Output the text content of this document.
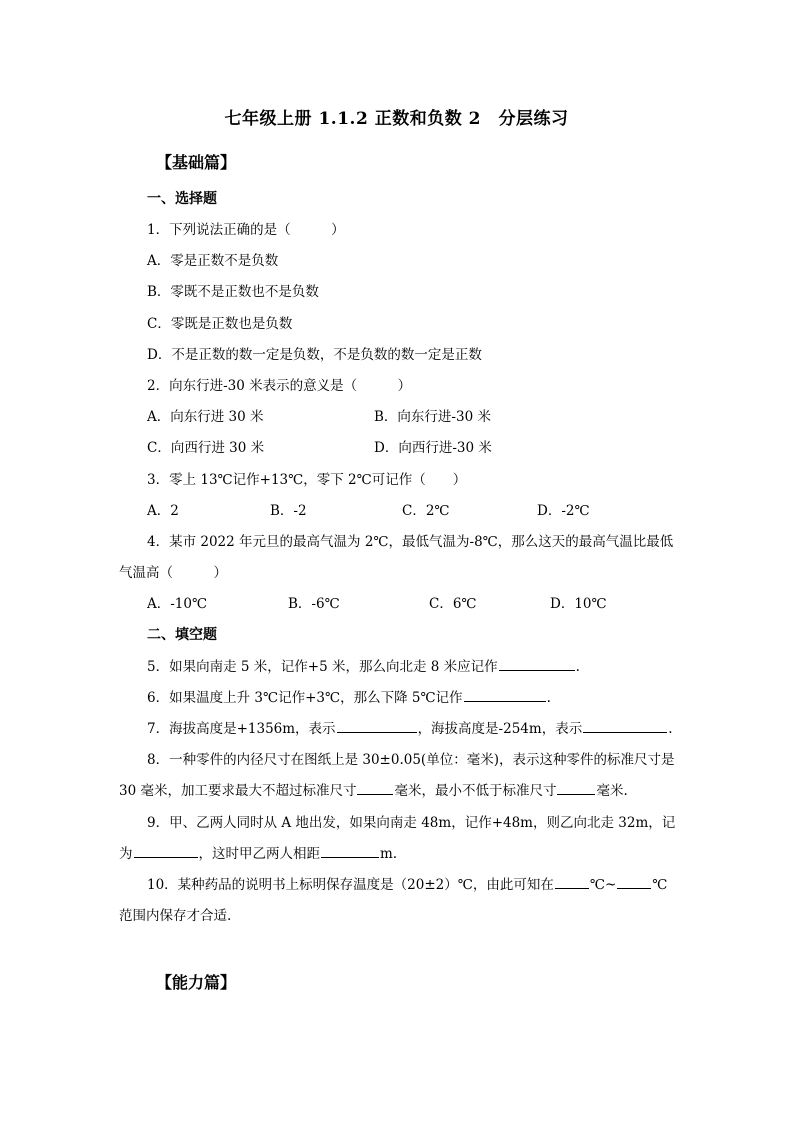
七年级上册 1.1.2 正数和负数 2　分层练习
【基础篇】
一、选择题
1．下列说法正确的是（　　　）
A．零是正数不是负数
B．零既不是正数也不是负数
C．零既是正数也是负数
D．不是正数的数一定是负数，不是负数的数一定是正数
2．向东行进-30 米表示的意义是（　　　）
A．向东行进 30 米	B．向东行进-30 米
C．向西行进 30 米	D．向西行进-30 米
3．零上 13℃记作+13℃，零下 2℃可记作（　　）
A．2	B．-2	C．2℃	D．-2℃
4．某市 2022 年元旦的最高气温为 2℃，最低气温为-8℃，那么这天的最高气温比最低
气温高（　　　）
A．-10℃	B．-6℃	C．6℃	D．10℃
二、填空题
5．如果向南走 5 米，记作+5 米，那么向北走 8 米应记作	.
6．如果温度上升 3℃记作+3℃，那么下降 5℃记作	.
7．海拔高度是+1356m，表示	，海拔高度是-254m，表示	.
8．一种零件的内径尺寸在图纸上是 30±0.05(单位：毫米)，表示这种零件的标准尺寸是
30 毫米，加工要求最大不超过标准尺寸	毫米，最小不低于标准尺寸	毫米.
9．甲、乙两人同时从 A 地出发，如果向南走 48m，记作+48m，则乙向北走 32m，记
为	，这时甲乙两人相距	m.
10．某种药品的说明书上标明保存温度是（20±2）℃，由此可知在	℃~	℃
范围内保存才合适.
【能力篇】
